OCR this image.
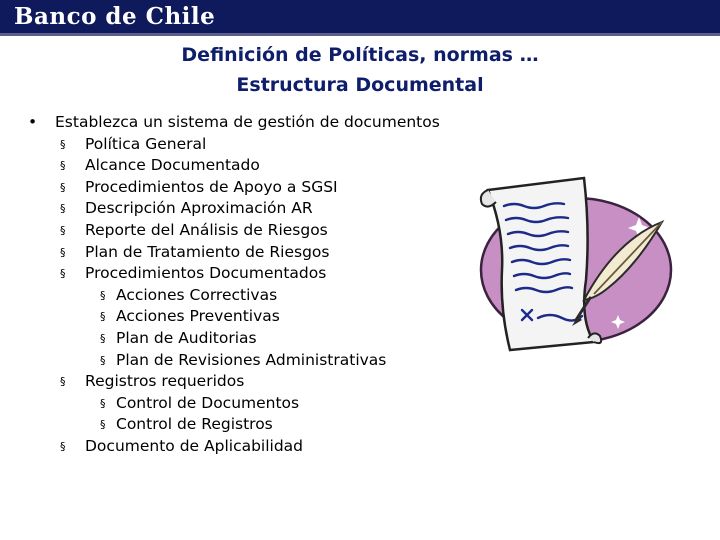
Banco de Chile
Definición de Políticas, normas …
Estructura Documental
• Establezca un sistema de gestión de documentos
§ Política General
§ Alcance Documentado
§ Procedimientos de Apoyo a SGSI
§ Descripción Aproximación AR
§ Reporte del Análisis de Riesgos
§ Plan de Tratamiento de Riesgos
§ Procedimientos Documentados
§ Acciones Correctivas
§ Acciones Preventivas
§ Plan de Auditorias
§ Plan de Revisiones Administrativas
§ Registros requeridos
§ Control de Documentos
§ Control de Registros
§ Documento de Aplicabilidad
